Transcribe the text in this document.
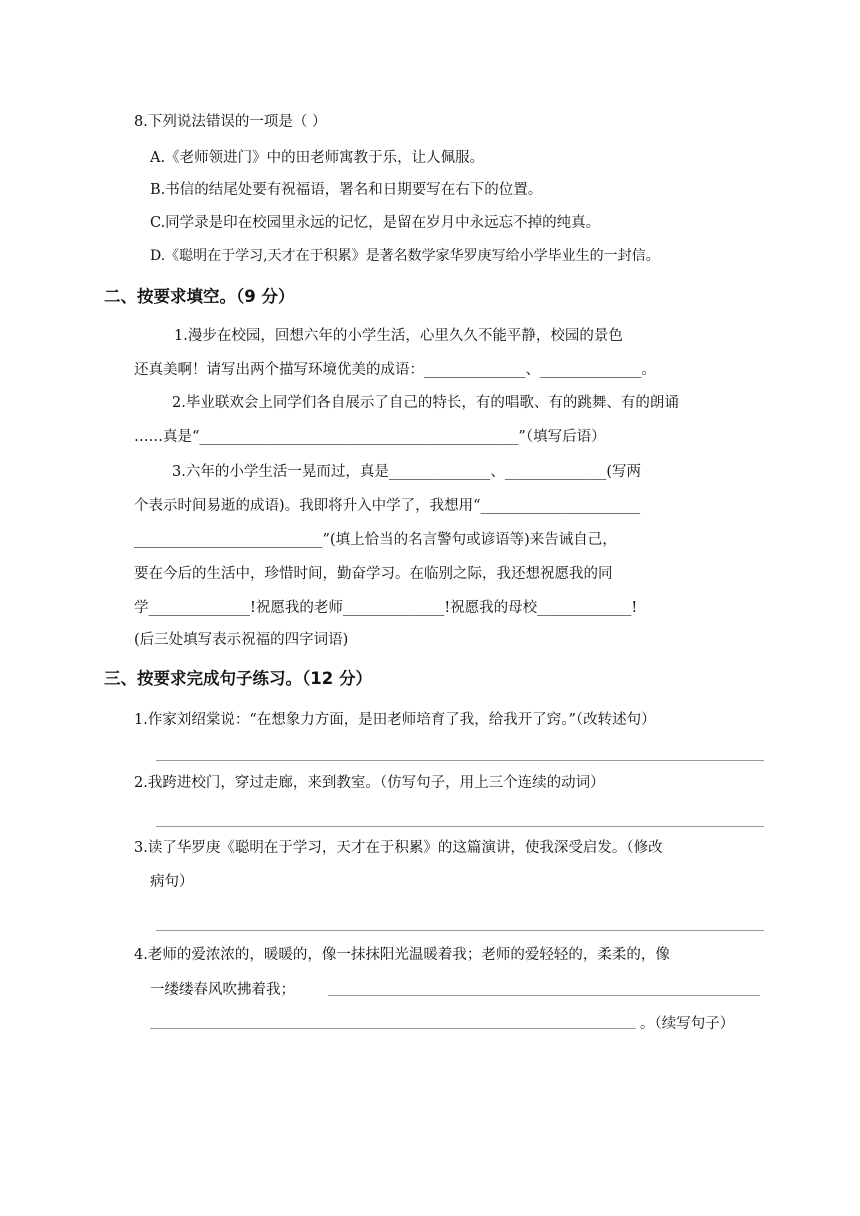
8.下列说法错误的一项是（ ）
A.《老师领进门》中的田老师寓教于乐，让人佩服。
B.书信的结尾处要有祝福语，署名和日期要写在右下的位置。
C.同学录是印在校园里永远的记忆，是留在岁月中永远忘不掉的纯真。
D.《聪明在于学习,天才在于积累》是著名数学家华罗庚写给小学毕业生的一封信。
二、按要求填空。（9 分）
1.漫步在校园，回想六年的小学生活，心里久久不能平静，校园的景色
还真美啊！请写出两个描写环境优美的成语：______________、______________。
2.毕业联欢会上同学们各自展示了自己的特长，有的唱歌、有的跳舞、有的朗诵
……真是“____________________________________________”（填写后语）
3.六年的小学生活一晃而过，真是______________、______________(写两
个表示时间易逝的成语)。我即将升入中学了，我想用“______________________
__________________________”(填上恰当的名言警句或谚语等)来告诫自己，
要在今后的生活中，珍惜时间，勤奋学习。在临别之际，我还想祝愿我的同
学______________!祝愿我的老师______________!祝愿我的母校_____________!
(后三处填写表示祝福的四字词语)
三、按要求完成句子练习。（12 分）
1.作家刘绍棠说：“在想象力方面，是田老师培育了我，给我开了窍。”（改转述句）
2.我跨进校门，穿过走廊，来到教室。（仿写句子，用上三个连续的动词）
3.读了华罗庚《聪明在于学习，天才在于积累》的这篇演讲，使我深受启发。（修改
病句）
4.老师的爱浓浓的，暖暖的，像一抹抹阳光温暖着我；老师的爱轻轻的，柔柔的，像
一缕缕春风吹拂着我；
。（续写句子）
